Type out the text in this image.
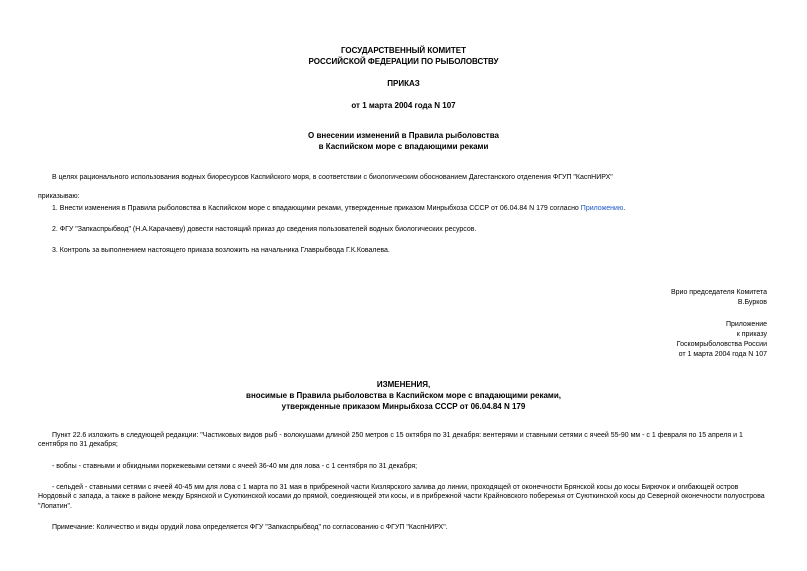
ГОСУДАРСТВЕННЫЙ КОМИТЕТ
РОССИЙСКОЙ ФЕДЕРАЦИИ ПО РЫБОЛОВСТВУ
ПРИКАЗ
от 1 марта 2004 года N 107
О внесении изменений в Правила рыболовства
в Каспийском море с впадающими реками
В целях рационального использования водных биоресурсов Каспийского моря, в соответствии с биологическим обоснованием Дагестанского отделения ФГУП "КаспНИРХ"
приказываю:
1. Внести изменения в Правила рыболовства в Каспийском море с впадающими реками, утвержденные приказом Минрыбхоза СССР от 06.04.84 N 179 согласно Приложению.
2. ФГУ "Запкаспрыбвод" (Н.А.Карачаеву) довести настоящий приказ до сведения пользователей водных биологических ресурсов.
3. Контроль за выполнением настоящего приказа возложить на начальника Главрыбвода Г.К.Ковалева.
Врио председателя Комитета
В.Бурков
Приложение
к приказу
Госкомрыболовства России
от 1 марта 2004 года N 107
ИЗМЕНЕНИЯ,
вносимые в Правила рыболовства в Каспийском море с впадающими реками,
утвержденные приказом Минрыбхоза СССР от 06.04.84 N 179
Пункт 22.6 изложить в следующей редакции: "Частиковых видов рыб - волокушами длиной 250 метров с 15 октября по 31 декабря: вентерями и ставными сетями с ячеей 55-90 мм - с 1 февраля по 15 апреля и 1 сентября по 31 декабря;
- воблы - ставными и обкидными поркежевыми сетями с ячеей 36-40 мм для лова - с 1 сентября по 31 декабря;
- сельдей - ставными сетями с ячеей 40-45 мм для лова с 1 марта по 31 мая в прибрежной части Кизлярского залива до линии, проходящей от оконечности Брянской косы до косы Бирючок и огибающей остров Нордовый с запада, а также в районе между Брянской и Суюткинской косами до прямой, соединяющей эти косы, и в прибрежной части Крайновского побережья от Суюткинской косы до Северной оконечности полуострова "Лопатин".
Примечание: Количество и виды орудий лова определяется ФГУ "Запкаспрыбвод" по согласованию с ФГУП "КаспНИРХ".
